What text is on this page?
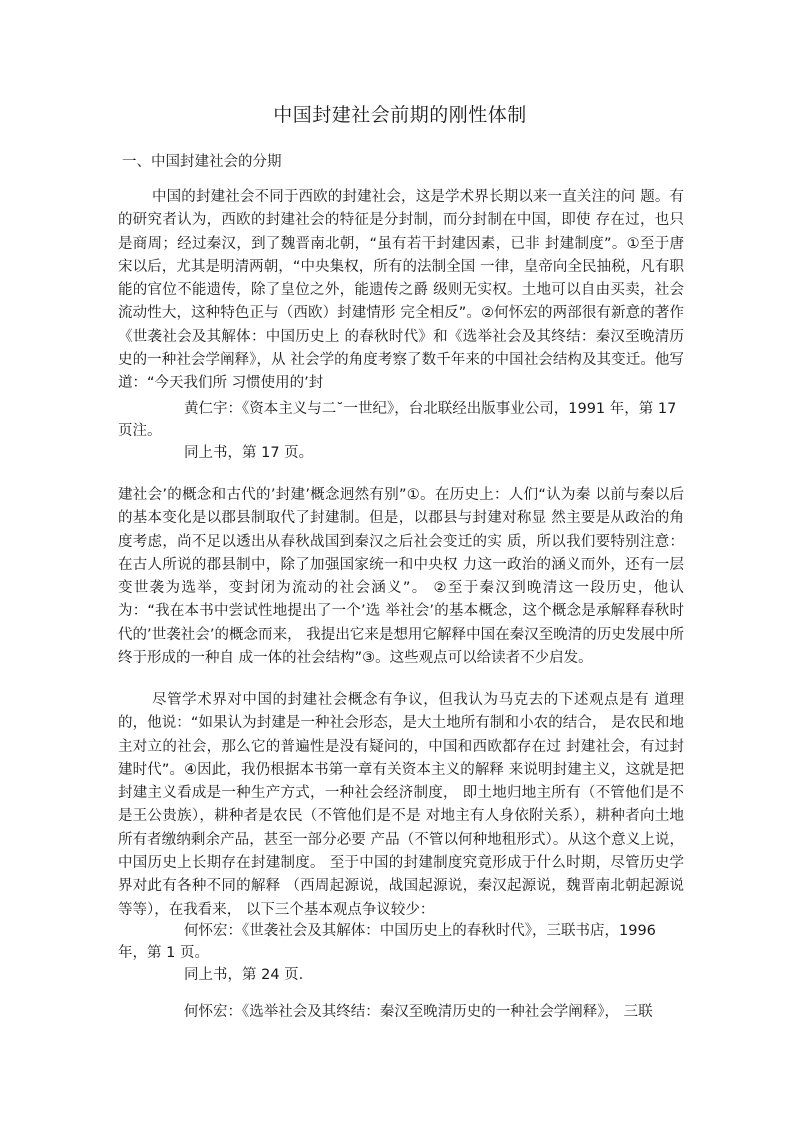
中国封建社会前期的刚性体制
一、中国封建社会的分期

中国的封建社会不同于西欧的封建社会，这是学术界长期以来一直关注的问 题。有的研究者认为，西欧的封建社会的特征是分封制，而分封制在中国，即使 存在过，也只是商周；经过秦汉，到了魏晋南北朝，“虽有若干封建因素，已非 封建制度”。①至于唐宋以后，尤其是明清两朝，“中央集权，所有的法制全国 一律，皇帝向全民抽税，凡有职能的官位不能遗传，除了皇位之外，能遗传之爵 级则无实权。土地可以自由买卖，社会流动性大，这种特色正与（西欧）封建情形 完全相反”。②何怀宏的两部很有新意的著作《世袭社会及其解体：中国历史上 的春秋时代》和《选举社会及其终结：秦汉至晚清历史的一种社会学阐释》，从 社会学的角度考察了数千年来的中国社会结构及其变迁。他写道：“今天我们所 习惯使用的’封

黄仁宇：《资本主义与二˘一世纪》，台北联经出版事业公司，1991 年，第 17 页注。

同上书，第 17 页。

建社会’的概念和古代的’封建’概念迥然有别”①。在历史上：人们“认为秦 以前与秦以后的基本变化是以郡县制取代了封建制。但是，以郡县与封建对称显 然主要是从政治的角度考虑，尚不足以透出从春秋战国到秦汉之后社会变迁的实 质，所以我们要特别注意：在古人所说的郡县制中，除了加强国家统一和中央权 力这一政治的涵义而外，还有一层变世袭为选举，变封闭为流动的社会涵义”。 ②至于秦汉到晚清这一段历史，他认为：“我在本书中尝试性地提出了一个’选 举社会’的基本概念，这个概念是承解释春秋时代的’世袭社会’的概念而来， 我提出它来是想用它解释中国在秦汉至晚清的历史发展中所终于形成的一种自 成一体的社会结构”③。这些观点可以给读者不少启发。

尽管学术界对中国的封建社会概念有争议，但我认为马克去的下述观点是有 道理的，他说：“如果认为封建是一种社会形态，是大土地所有制和小农的结合， 是农民和地主对立的社会，那么它的普遍性是没有疑问的，中国和西欧都存在过 封建社会，有过封建时代”。④因此，我仍根据本书第一章有关资本主义的解释 来说明封建主义，这就是把封建主义看成是一种生产方式，一种社会经济制度， 即土地归地主所有（不管他们是不是王公贵族），耕种者是农民（不管他们是不是 对地主有人身依附关系），耕种者向土地所有者缴纳剩余产品，甚至一部分必要 产品（不管以何种地租形式）。从这个意义上说，中国历史上长期存在封建制度。 至于中国的封建制度究竟形成于什么时期，尽管历史学界对此有各种不同的解释 （西周起源说，战国起源说，秦汉起源说，魏晋南北朝起源说等等），在我看来， 以下三个基本观点争议较少：

何怀宏：《世袭社会及其解体：中国历史上的春秋时代》，三联书店，1996 年，第 1 页。

同上书，第 24 页.

何怀宏：《选举社会及其终结：秦汉至晚清历史的一种社会学阐释》， 三联
